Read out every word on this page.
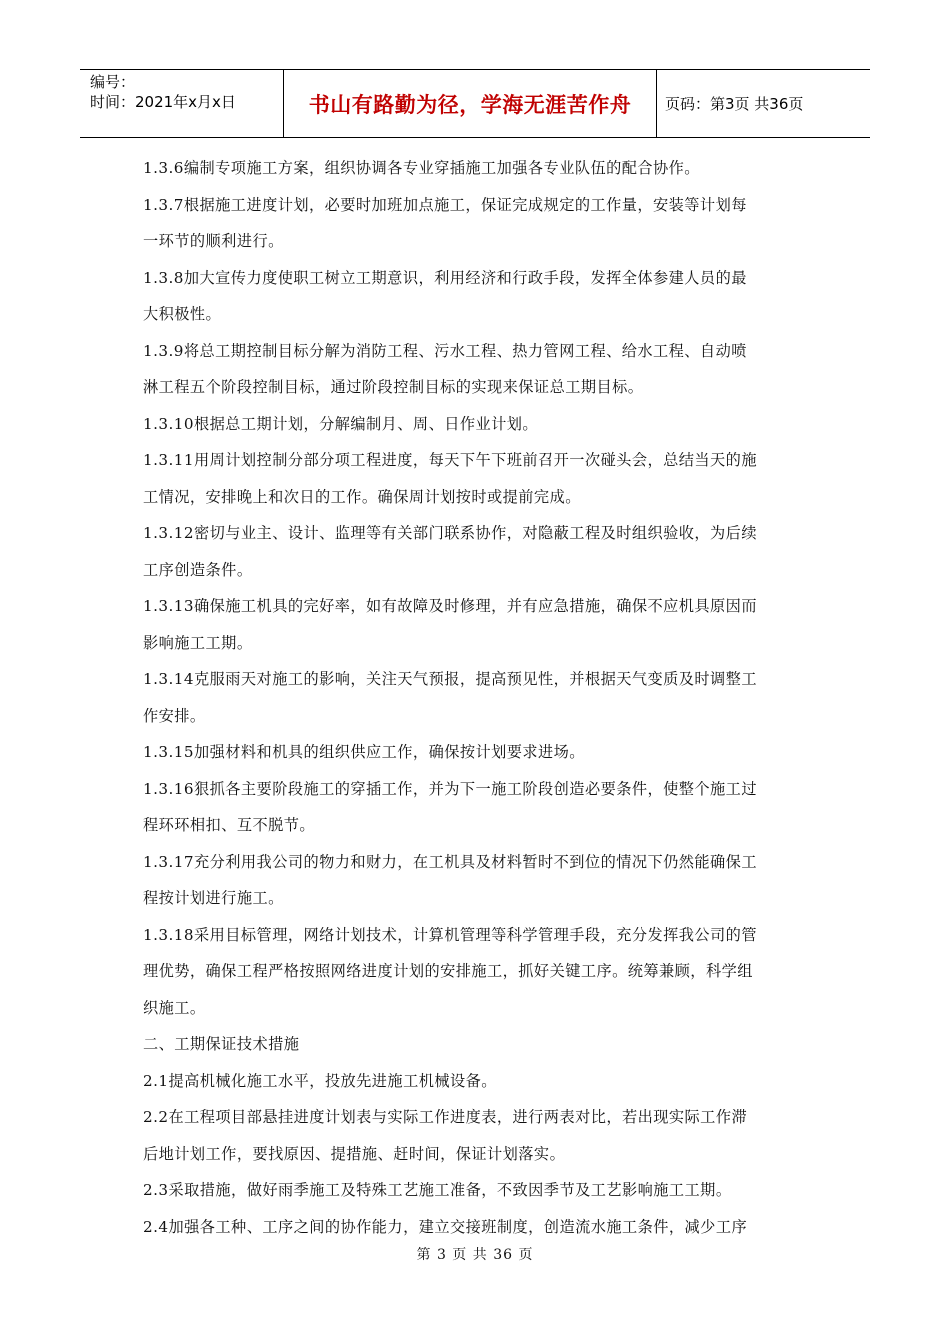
编号：
时间：2021年x月x日	书山有路勤为径，学海无涯苦作舟 页码：第3页 共36页
1.3.6编制专项施工方案，组织协调各专业穿插施工加强各专业队伍的配合协作。
1.3.7根据施工进度计划，必要时加班加点施工，保证完成规定的工作量，安装等计划每
一环节的顺利进行。
1.3.8加大宣传力度使职工树立工期意识，利用经济和行政手段，发挥全体参建人员的最
大积极性。
1.3.9将总工期控制目标分解为消防工程、污水工程、热力管网工程、给水工程、自动喷
淋工程五个阶段控制目标，通过阶段控制目标的实现来保证总工期目标。
1.3.10根据总工期计划，分解编制月、周、日作业计划。
1.3.11用周计划控制分部分项工程进度，每天下午下班前召开一次碰头会，总结当天的施
工情况，安排晚上和次日的工作。确保周计划按时或提前完成。
1.3.12密切与业主、设计、监理等有关部门联系协作，对隐蔽工程及时组织验收，为后续
工序创造条件。
1.3.13确保施工机具的完好率，如有故障及时修理，并有应急措施，确保不应机具原因而
影响施工工期。
1.3.14克服雨天对施工的影响，关注天气预报，提高预见性，并根据天气变质及时调整工
作安排。
1.3.15加强材料和机具的组织供应工作，确保按计划要求进场。
1.3.16狠抓各主要阶段施工的穿插工作，并为下一施工阶段创造必要条件，使整个施工过
程环环相扣、互不脱节。
1.3.17充分利用我公司的物力和财力，在工机具及材料暂时不到位的情况下仍然能确保工
程按计划进行施工。
1.3.18采用目标管理，网络计划技术，计算机管理等科学管理手段，充分发挥我公司的管
理优势，确保工程严格按照网络进度计划的安排施工，抓好关键工序。统筹兼顾，科学组
织施工。
二、工期保证技术措施
2.1提高机械化施工水平，投放先进施工机械设备。
2.2在工程项目部悬挂进度计划表与实际工作进度表，进行两表对比，若出现实际工作滞
后地计划工作，要找原因、提措施、赶时间，保证计划落实。
2.3采取措施，做好雨季施工及特殊工艺施工准备，不致因季节及工艺影响施工工期。
2.4加强各工种、工序之间的协作能力，建立交接班制度，创造流水施工条件，减少工序
第 3 页 共 36 页
